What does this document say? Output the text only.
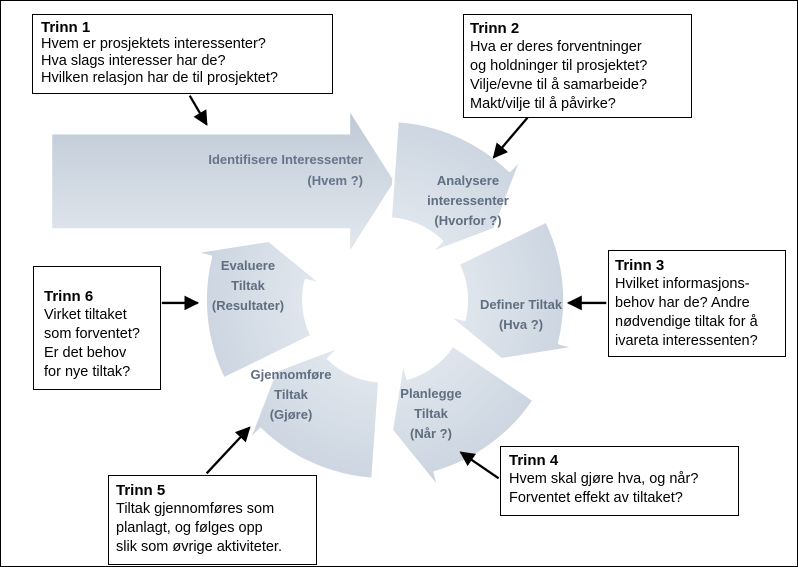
Identifisere Interessenter
(Hvem ?)	Analysere
interessenter
(Hvorfor ?)
Definer Tiltak
(Hva ?)
Planlegge
Tiltak
(Når ?)
Gjennomføre
Tiltak
(Gjøre)
Evaluere
Tiltak
(Resultater)
Trinn 1
Hvem er prosjektets interessenter?
Hva slags interesser har de?
Hvilken relasjon har de til prosjektet?
Trinn 2
Hva er deres forventninger
og holdninger til prosjektet?
Vilje/evne til å samarbeide?
Makt/vilje til å påvirke?
Trinn 3
Hvilket informasjons-
behov har de? Andre
nødvendige tiltak for å
ivareta interessenten?
Trinn 4
Hvem skal gjøre hva, og når?
Forventet effekt av tiltaket?
Trinn 5
Tiltak gjennomføres som
planlagt, og følges opp
slik som øvrige aktiviteter.
Trinn 6
Virket tiltaket
som forventet?
Er det behov
for nye tiltak?
